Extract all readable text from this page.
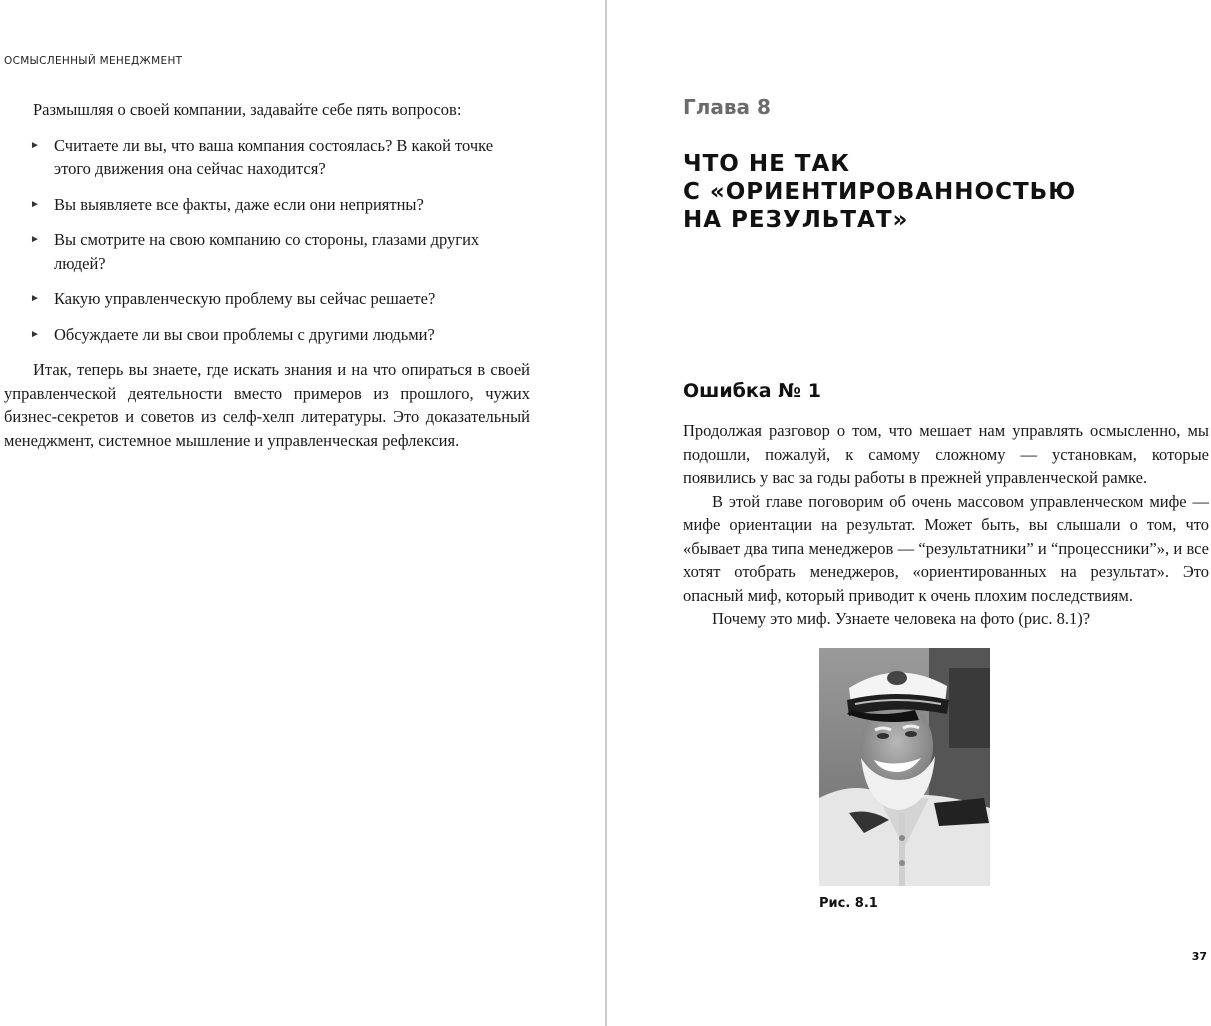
ОСМЫСЛЕННЫЙ МЕНЕДЖМЕНТ

Размышляя о своей компании, задавайте себе пять вопросов:

► Считаете ли вы, что ваша компания состоялась? В какой точке этого движения она сейчас находится?
► Вы выявляете все факты, даже если они неприятны?
► Вы смотрите на свою компанию со стороны, глазами других людей?
► Какую управленческую проблему вы сейчас решаете?
► Обсуждаете ли вы свои проблемы с другими людьми?

Итак, теперь вы знаете, где искать знания и на что опираться в своей управленческой деятельности вместо примеров из прошлого, чужих бизнес-секретов и советов из селф-хелп литературы. Это доказательный менеджмент, системное мышление и управленческая рефлексия.

Глава 8
ЧТО НЕ ТАК
С «ОРИЕНТИРОВАННОСТЬЮ
НА РЕЗУЛЬТАТ»
Ошибка № 1

Продолжая разговор о том, что мешает нам управлять осмысленно, мы подошли, пожалуй, к самому сложному — установкам, которые появились у вас за годы работы в прежней управленческой рамке.

В этой главе поговорим об очень массовом управленческом мифе — мифе ориентации на результат. Может быть, вы слышали о том, что «бывает два типа менеджеров — “результатники” и “процессники”», и все хотят отобрать менеджеров, «ориентированных на результат». Это опасный миф, который приводит к очень плохим последствиям.

Почему это миф. Узнаете человека на фото (рис. 8.1)?

Рис. 8.1
37
